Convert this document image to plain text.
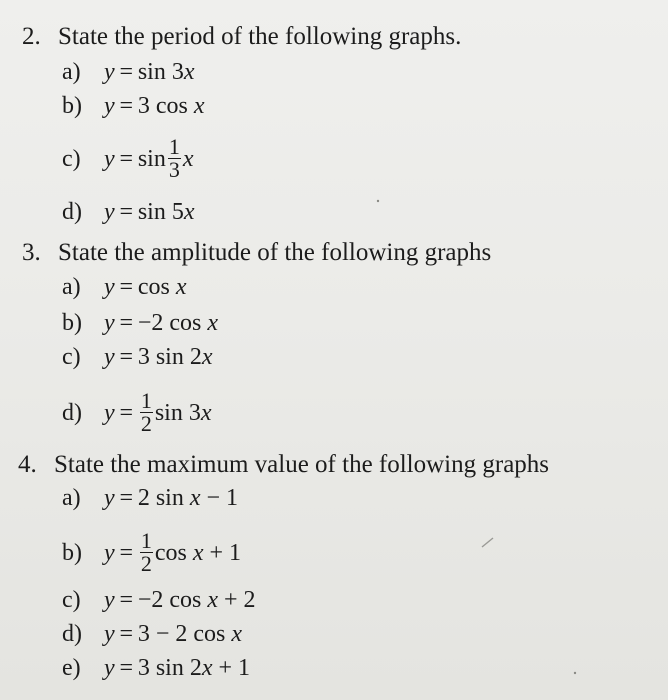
2. State the period of the following graphs.
a) y = sin 3x
b) y = 3 cos x
c) $y = \sin \frac{1}{3}$ x
d) y = sin 5x
3. State the amplitude of the following graphs
a) y = cos x
b) y = −2 cos x
c) y = 3 sin 2x
d) $y = \frac{1}{2}$ sin 3x
4. State the maximum value of the following graphs
a) y = 2 sin x − 1
b) $y = \frac{1}{2}$ cos x + 1
c) y = −2 cos x + 2
d) y = 3 − 2 cos x
e) y = 3 sin 2x + 1
